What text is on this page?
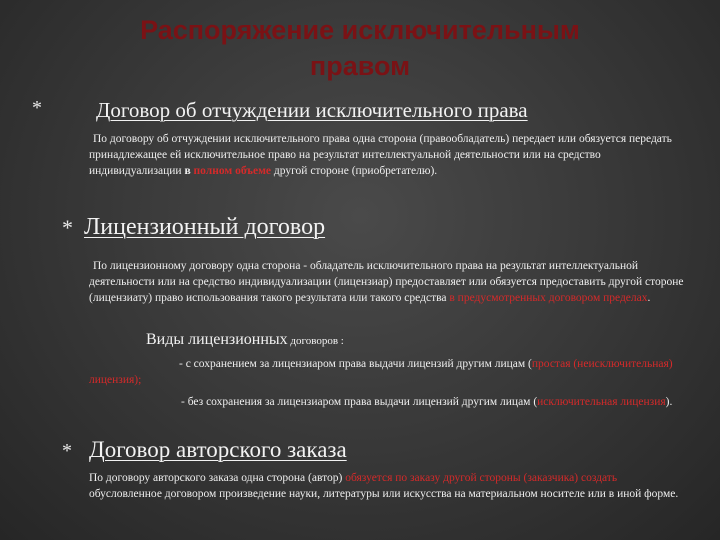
Распоряжение исключительным
правом
*	Договор об отчуждении исключительного права
По договору об отчуждении исключительного права одна сторона (правообладатель) передает или обязуется передать принадлежащее ей исключительное право на результат интеллектуальной деятельности или на средство индивидуализации в полном объеме другой стороне (приобретателю).
* Лицензионный договор
По лицензионному договору одна сторона - обладатель исключительного права на результат интеллектуальной деятельности или на средство индивидуализации (лицензиар) предоставляет или обязуется предоставить другой стороне (лицензиату) право использования такого результата или такого средства в предусмотренных договором пределах.
Виды лицензионных договоров :
- с сохранением за лицензиаром права выдачи лицензий другим лицам (простая (неисключительная) лицензия);
- без сохранения за лицензиаром права выдачи лицензий другим лицам (исключительная лицензия).
* Договор авторского заказа
По договору авторского заказа одна сторона (автор) обязуется по заказу другой стороны (заказчика) создать обусловленное договором произведение науки, литературы или искусства на материальном носителе или в иной форме.
